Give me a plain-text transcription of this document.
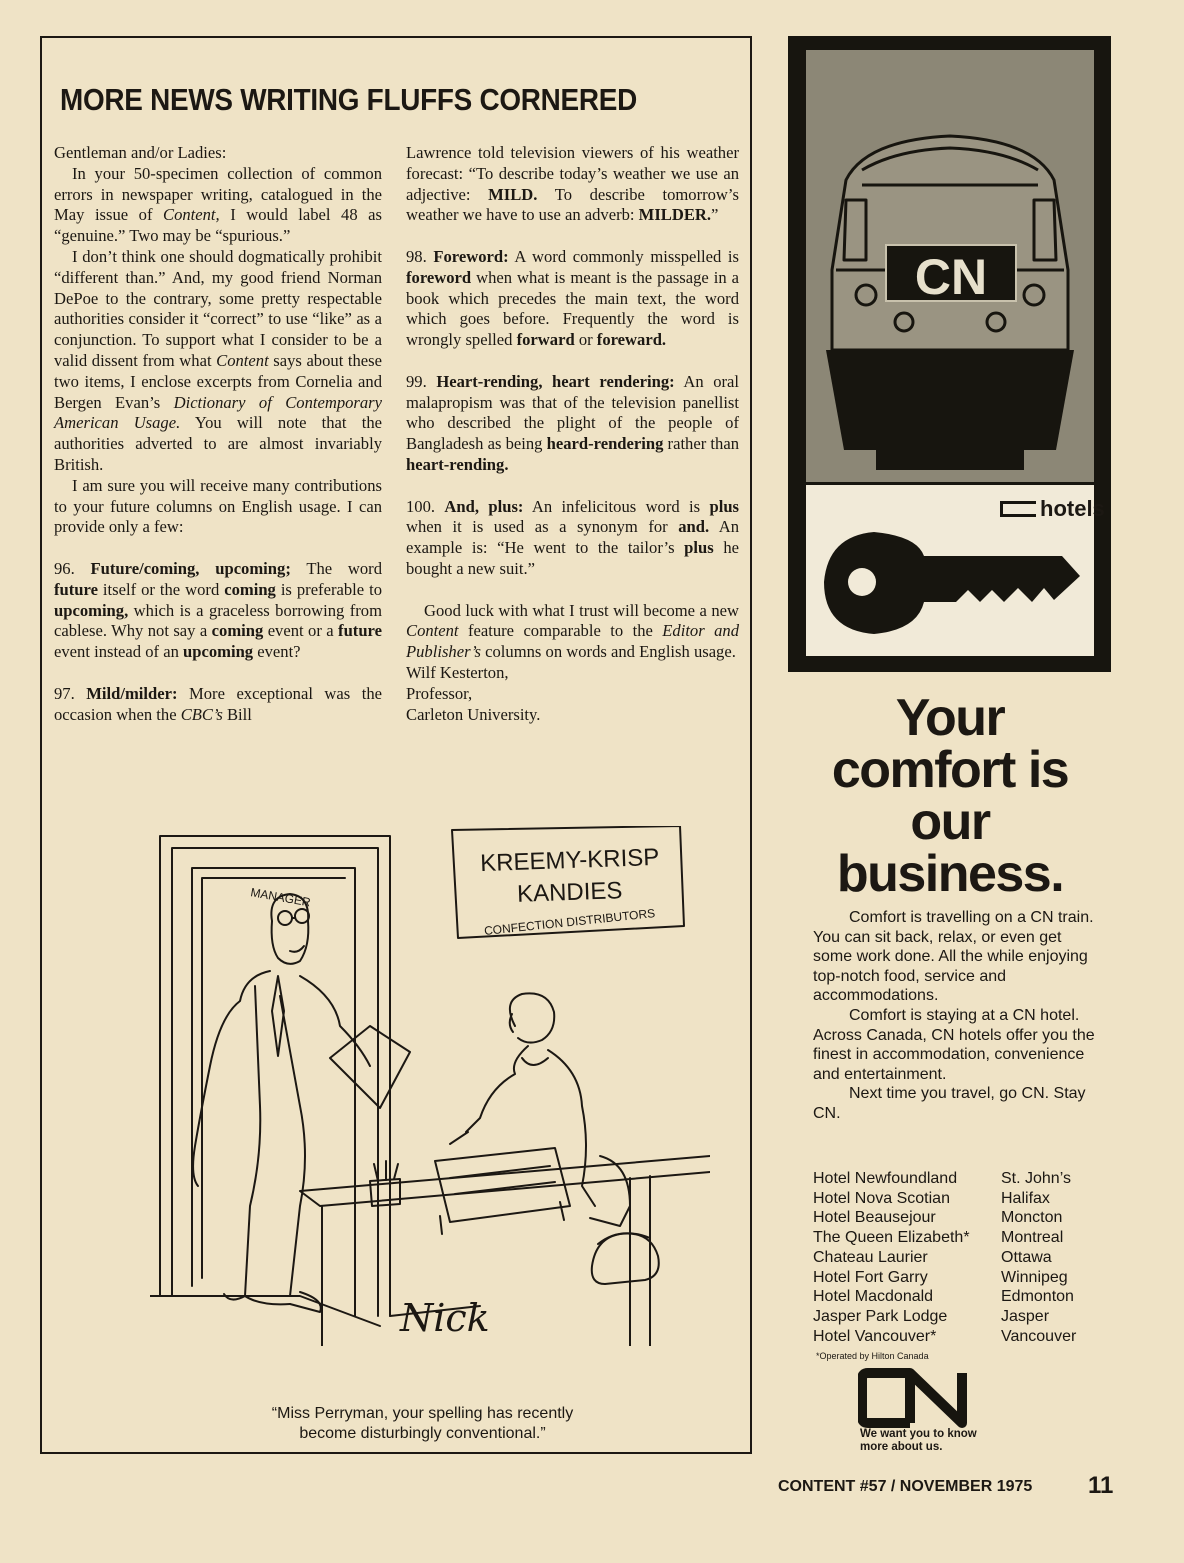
MORE NEWS WRITING FLUFFS CORNERED

Gentleman and/or Ladies:

In your 50-specimen collection of common errors in newspaper writing, catalogued in the May issue of Content, I would label 48 as “genuine.” Two may be “spurious.”

I don’t think one should dogmatically prohibit “different than.” And, my good friend Norman DePoe to the contrary, some pretty respectable authorities consider it “correct” to use “like” as a conjunction. To support what I consider to be a valid dissent from what Content says about these two items, I enclose excerpts from Cornelia and Bergen Evan’s Dictionary of Contemporary American Usage. You will note that the authorities adverted to are almost invariably British.

I am sure you will receive many contributions to your future columns on English usage. I can provide only a few:

96. Future/coming, upcoming; The word future itself or the word coming is preferable to upcoming, which is a graceless borrowing from cablese. Why not say a coming event or a future event instead of an upcoming event?

97. Mild/milder: More exceptional was the occasion when the CBC’s Bill

Lawrence told television viewers of his weather forecast: “To describe today’s weather we use an adjective: MILD. To describe tomorrow’s weather we have to use an adverb: MILDER.”

98. Foreword: A word commonly misspelled is foreword when what is meant is the passage in a book which precedes the main text, the word which goes before. Frequently the word is wrongly spelled forward or foreward.

99. Heart-rending, heart rendering: An oral malapropism was that of the television panellist who described the plight of the people of Bangladesh as being heard-rendering rather than heart-rending.

100. And, plus: An infelicitous word is plus when it is used as a synonym for and. An example is: “He went to the tailor’s plus he bought a new suit.”

Good luck with what I trust will become a new Content feature comparable to the Editor and Publisher’s columns on words and English usage.

Wilf Kesterton,

Professor,

Carleton University.

MANAGER
KREEMY-KRISP
KANDIES
CONFECTION DISTRIBUTORS
Nick
“Miss Perryman, your spelling has recently
become disturbingly conventional.”
CN
hotels
Your
comfort is
our
business.

Comfort is travelling on a CN train. You can sit back, relax, or even get some work done. All the while enjoying top-notch food, service and accommodations.

Comfort is staying at a CN hotel. Across Canada, CN hotels offer you the finest in accommodation, convenience and entertainment.

Next time you travel, go CN. Stay CN.

Hotel Newfoundland	St. John’s
Hotel Nova Scotian	Halifax
Hotel Beausejour	Moncton
The Queen Elizabeth*	Montreal
Chateau Laurier	Ottawa
Hotel Fort Garry	Winnipeg
Hotel Macdonald	Edmonton
Jasper Park Lodge	Jasper
Hotel Vancouver*	Vancouver
*Operated by Hilton Canada
CN
We want you to know
more about us.
CONTENT #57 / NOVEMBER 1975 11
